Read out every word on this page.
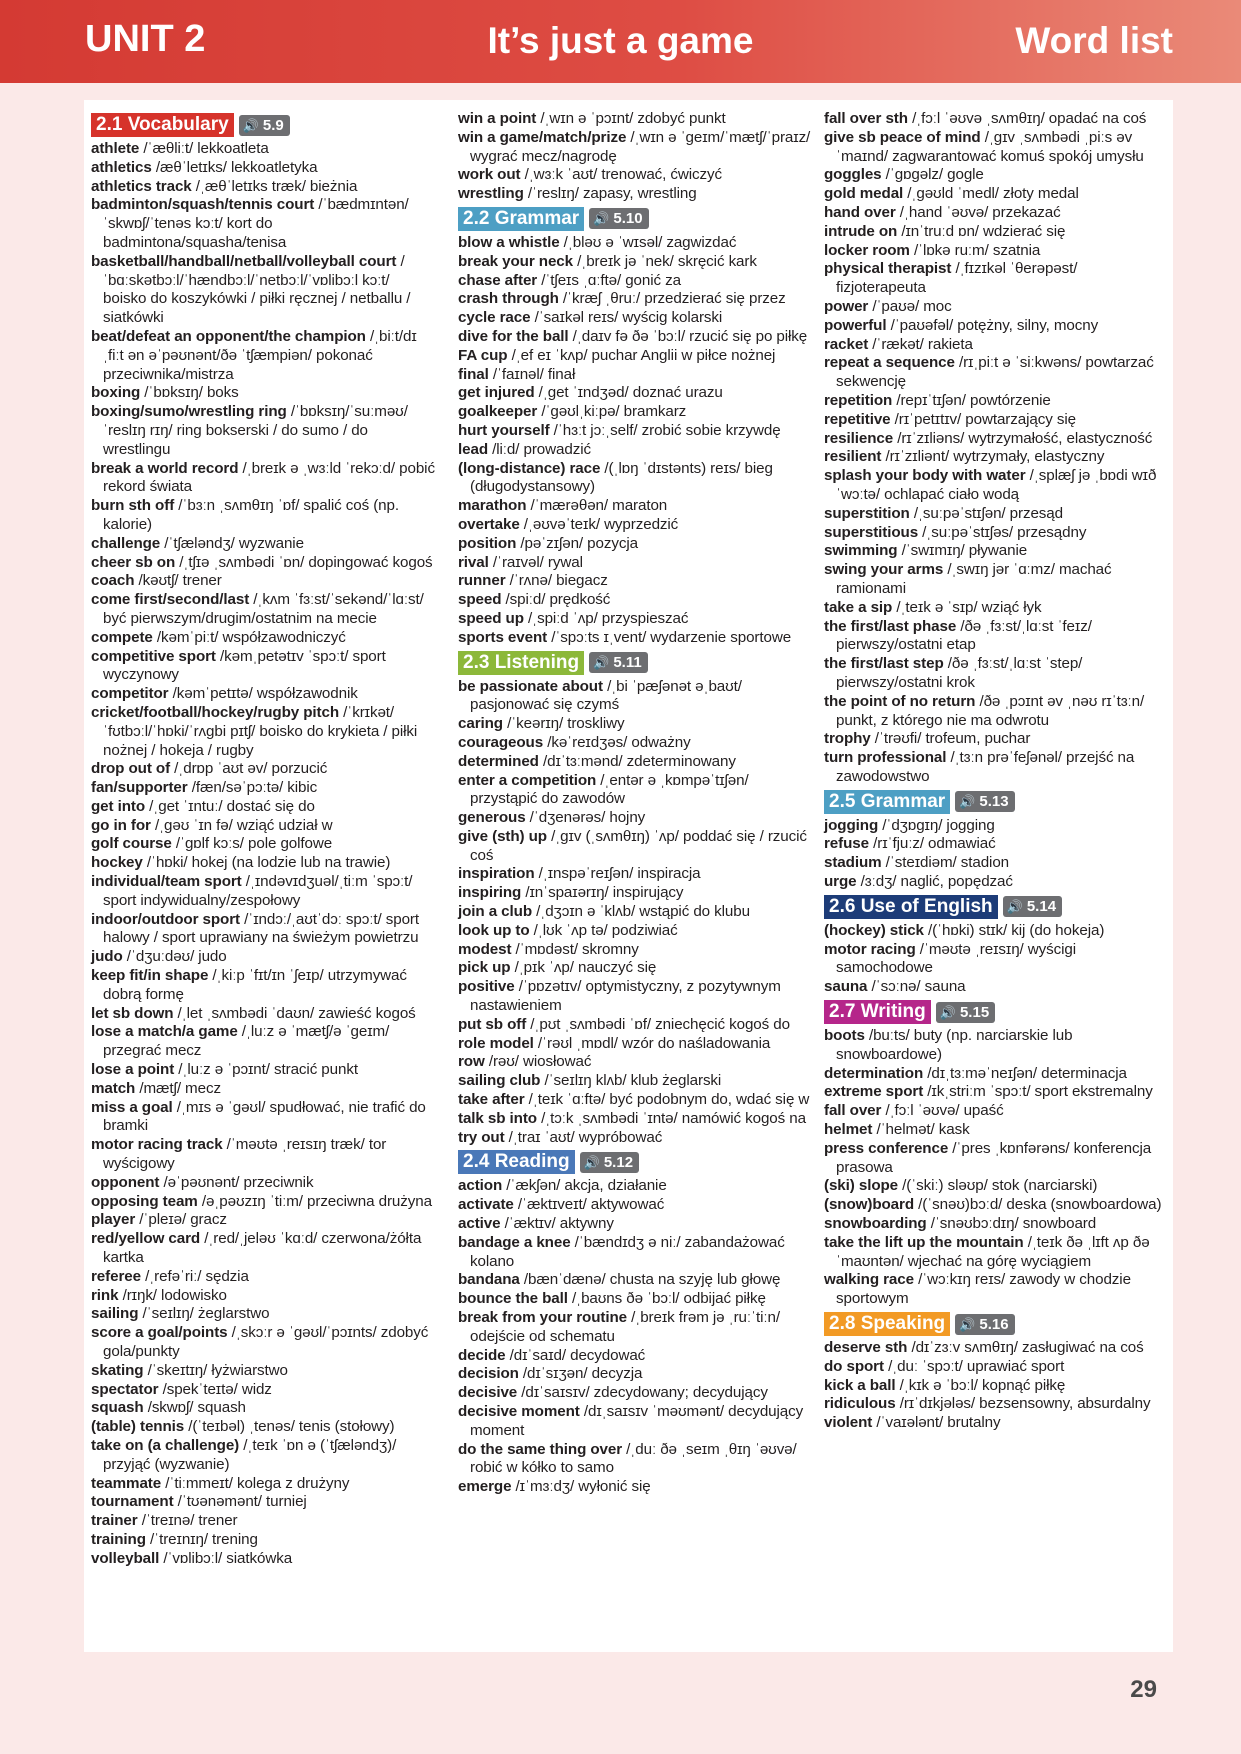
UNIT 2	It’s just a game	Word list
2.1 Vocabulary	🔊 5.9
athlete /ˈæθliːt/ lekkoatleta
athletics /æθˈletɪks/ lekkoatletyka
athletics track /ˌæθˈletɪks træk/ bieżnia
badminton/squash/tennis court /ˈbædmɪntən/ˈskwɒʃ/ˈtenəs kɔːt/ kort do badmintona/squasha/tenisa
basketball/handball/netball/volleyball court /ˈbɑːskətbɔːl/ˈhændbɔːl/ˈnetbɔːl/ˈvɒlibɔːl kɔːt/ boisko do koszykówki / piłki ręcznej / netballu / siatkówki
beat/defeat an opponent/the champion /ˌbiːt/dɪˌfiːt ən əˈpəʊnənt/ðə ˈtʃæmpiən/ pokonać przeciwnika/mistrza
boxing /ˈbɒksɪŋ/ boks
boxing/sumo/wrestling ring /ˈbɒksɪŋ/ˈsuːməʊ/ˈreslɪŋ rɪŋ/ ring bokserski / do sumo / do wrestlingu
break a world record /ˌbreɪk ə ˌwɜːld ˈrekɔːd/ pobić rekord świata
burn sth off /ˈbɜːn ˌsʌmθɪŋ ˈɒf/ spalić coś (np. kalorie)
challenge /ˈtʃæləndʒ/ wyzwanie
cheer sb on /ˌtʃɪə ˌsʌmbədi ˈɒn/ dopingować kogoś
coach /kəʊtʃ/ trener
come first/second/last /ˌkʌm ˈfɜːst/ˈsekənd/ˈlɑːst/ być pierwszym/drugim/ostatnim na mecie
compete /kəmˈpiːt/ współzawodniczyć
competitive sport /kəmˌpetətɪv ˈspɔːt/ sport wyczynowy
competitor /kəmˈpetɪtə/ współzawodnik
cricket/football/hockey/rugby pitch /ˈkrɪkət/ˈfʊtbɔːl/ˈhɒki/ˈrʌgbi pɪtʃ/ boisko do krykieta / piłki nożnej / hokeja / rugby
drop out of /ˌdrɒp ˈaʊt əv/ porzucić
fan/supporter /fæn/səˈpɔːtə/ kibic
get into /ˌget ˈɪntuː/ dostać się do
go in for /ˌgəʊ ˈɪn fə/ wziąć udział w
golf course /ˈgɒlf kɔːs/ pole golfowe
hockey /ˈhɒki/ hokej (na lodzie lub na trawie)
individual/team sport /ˌɪndəvɪdʒuəl/ˌtiːm ˈspɔːt/ sport indywidualny/zespołowy
indoor/outdoor sport /ˈɪndɔː/ˌaʊtˈdɔː spɔːt/ sport halowy / sport uprawiany na świeżym powietrzu
judo /ˈdʒuːdəʊ/ judo
keep fit/in shape /ˌkiːp ˈfɪt/ɪn ˈʃeɪp/ utrzymywać dobrą formę
let sb down /ˌlet ˌsʌmbədi ˈdaʊn/ zawieść kogoś
lose a match/a game /ˌluːz ə ˈmætʃ/ə ˈgeɪm/ przegrać mecz
lose a point /ˌluːz ə ˈpɔɪnt/ stracić punkt
match /mætʃ/ mecz
miss a goal /ˌmɪs ə ˈgəʊl/ spudłować, nie trafić do bramki
motor racing track /ˈməʊtə ˌreɪsɪŋ træk/ tor wyścigowy
opponent /əˈpəʊnənt/ przeciwnik
opposing team /əˌpəʊzɪŋ ˈtiːm/ przeciwna drużyna
player /ˈpleɪə/ gracz
red/yellow card /ˌred/ˌjeləʊ ˈkɑːd/ czerwona/żółta kartka
referee /ˌrefəˈriː/ sędzia
rink /rɪŋk/ lodowisko
sailing /ˈseɪlɪŋ/ żeglarstwo
score a goal/points /ˌskɔːr ə ˈgəʊl/ˈpɔɪnts/ zdobyć gola/punkty
skating /ˈskeɪtɪŋ/ łyżwiarstwo
spectator /spekˈteɪtə/ widz
squash /skwɒʃ/ squash
(table) tennis /(ˈteɪbəl) ˌtenəs/ tenis (stołowy)
take on (a challenge) /ˌteɪk ˈɒn ə (ˈtʃæləndʒ)/ przyjąć (wyzwanie)
teammate /ˈtiːmmeɪt/ kolega z drużyny
tournament /ˈtʊənəmənt/ turniej
trainer /ˈtreɪnə/ trener
training /ˈtreɪnɪŋ/ trening
volleyball /ˈvɒlibɔːl/ siatkówka
win a point /ˌwɪn ə ˈpɔɪnt/ zdobyć punkt
win a game/match/prize /ˌwɪn ə ˈgeɪm/ˈmætʃ/ˈpraɪz/ wygrać mecz/nagrodę
work out /ˌwɜːk ˈaʊt/ trenować, ćwiczyć
wrestling /ˈreslɪŋ/ zapasy, wrestling
2.2 Grammar	🔊 5.10
blow a whistle /ˌbləʊ ə ˈwɪsəl/ zagwizdać
break your neck /ˌbreɪk jə ˈnek/ skręcić kark
chase after /ˈtʃeɪs ˌɑːftə/ gonić za
crash through /ˈkræʃ ˌθruː/ przedzierać się przez
cycle race /ˈsaɪkəl reɪs/ wyścig kolarski
dive for the ball /ˌdaɪv fə ðə ˈbɔːl/ rzucić się po piłkę
FA cup /ˌef eɪ ˈkʌp/ puchar Anglii w piłce nożnej
final /ˈfaɪnəl/ finał
get injured /ˌget ˈɪndʒəd/ doznać urazu
goalkeeper /ˈgəʊlˌkiːpə/ bramkarz
hurt yourself /ˈhɜːt jɔːˌself/ zrobić sobie krzywdę
lead /liːd/ prowadzić
(long-distance) race /(ˌlɒŋ ˈdɪstənts) reɪs/ bieg (długodystansowy)
marathon /ˈmærəθən/ maraton
overtake /ˌəʊvəˈteɪk/ wyprzedzić
position /pəˈzɪʃən/ pozycja
rival /ˈraɪvəl/ rywal
runner /ˈrʌnə/ biegacz
speed /spiːd/ prędkość
speed up /ˌspiːd ˈʌp/ przyspieszać
sports event /ˈspɔːts ɪˌvent/ wydarzenie sportowe
2.3 Listening	🔊 5.11
be passionate about /ˌbi ˈpæʃənət əˌbaʊt/ pasjonować się czymś
caring /ˈkeərɪŋ/ troskliwy
courageous /kəˈreɪdʒəs/ odważny
determined /dɪˈtɜːmənd/ zdeterminowany
enter a competition /ˌentər ə ˌkɒmpəˈtɪʃən/ przystąpić do zawodów
generous /ˈdʒenərəs/ hojny
give (sth) up /ˌgɪv (ˌsʌmθɪŋ) ˈʌp/ poddać się / rzucić coś
inspiration /ˌɪnspəˈreɪʃən/ inspiracja
inspiring /ɪnˈspaɪərɪŋ/ inspirujący
join a club /ˌdʒɔɪn ə ˈklʌb/ wstąpić do klubu
look up to /ˌlʊk ˈʌp tə/ podziwiać
modest /ˈmɒdəst/ skromny
pick up /ˌpɪk ˈʌp/ nauczyć się
positive /ˈpɒzətɪv/ optymistyczny, z pozytywnym nastawieniem
put sb off /ˌpʊt ˌsʌmbədi ˈɒf/ zniechęcić kogoś do
role model /ˈrəʊl ˌmɒdl/ wzór do naśladowania
row /rəʊ/ wiosłować
sailing club /ˈseɪlɪŋ klʌb/ klub żeglarski
take after /ˌteɪk ˈɑːftə/ być podobnym do, wdać się w
talk sb into /ˌtɔːk ˌsʌmbədi ˈɪntə/ namówić kogoś na
try out /ˌtraɪ ˈaʊt/ wypróbować
2.4 Reading	🔊 5.12
action /ˈækʃən/ akcja, działanie
activate /ˈæktɪveɪt/ aktywować
active /ˈæktɪv/ aktywny
bandage a knee /ˈbændɪdʒ ə niː/ zabandażować kolano
bandana /bænˈdænə/ chusta na szyję lub głowę
bounce the ball /ˌbaʊns ðə ˈbɔːl/ odbijać piłkę
break from your routine /ˌbreɪk frəm jə ˌruːˈtiːn/ odejście od schematu
decide /dɪˈsaɪd/ decydować
decision /dɪˈsɪʒən/ decyzja
decisive /dɪˈsaɪsɪv/ zdecydowany; decydujący
decisive moment /dɪˌsaɪsɪv ˈməʊmənt/ decydujący moment
do the same thing over /ˌduː ðə ˌseɪm ˌθɪŋ ˈəʊvə/ robić w kółko to samo
emerge /ɪˈmɜːdʒ/ wyłonić się
fall over sth /ˌfɔːl ˈəʊvə ˌsʌmθɪŋ/ opadać na coś
give sb peace of mind /ˌgɪv ˌsʌmbədi ˌpiːs əv ˈmaɪnd/ zagwarantować komuś spokój umysłu
goggles /ˈgɒgəlz/ gogle
gold medal /ˌgəʊld ˈmedl/ złoty medal
hand over /ˌhand ˈəʊvə/ przekazać
intrude on /ɪnˈtruːd ɒn/ wdzierać się
locker room /ˈlɒkə ruːm/ szatnia
physical therapist /ˌfɪzɪkəl ˈθerəpəst/ fizjoterapeuta
power /ˈpaʊə/ moc
powerful /ˈpaʊəfəl/ potężny, silny, mocny
racket /ˈrækət/ rakieta
repeat a sequence /rɪˌpiːt ə ˈsiːkwəns/ powtarzać sekwencję
repetition /repɪˈtɪʃən/ powtórzenie
repetitive /rɪˈpetɪtɪv/ powtarzający się
resilience /rɪˈzɪliəns/ wytrzymałość, elastyczność
resilient /rɪˈzɪliənt/ wytrzymały, elastyczny
splash your body with water /ˌsplæʃ jə ˌbɒdi wɪð ˈwɔːtə/ ochlapać ciało wodą
superstition /ˌsuːpəˈstɪʃən/ przesąd
superstitious /ˌsuːpəˈstɪʃəs/ przesądny
swimming /ˈswɪmɪŋ/ pływanie
swing your arms /ˌswɪŋ jər ˈɑːmz/ machać ramionami
take a sip /ˌteɪk ə ˈsɪp/ wziąć łyk
the first/last phase /ðə ˌfɜːst/ˌlɑːst ˈfeɪz/ pierwszy/ostatni etap
the first/last step /ðə ˌfɜːst/ˌlɑːst ˈstep/ pierwszy/ostatni krok
the point of no return /ðə ˌpɔɪnt əv ˌnəʊ rɪˈtɜːn/ punkt, z którego nie ma odwrotu
trophy /ˈtrəʊfi/ trofeum, puchar
turn professional /ˌtɜːn prəˈfeʃənəl/ przejść na zawodowstwo
2.5 Grammar	🔊 5.13
jogging /ˈdʒɒgɪŋ/ jogging
refuse /rɪˈfjuːz/ odmawiać
stadium /ˈsteɪdiəm/ stadion
urge /ɜːdʒ/ naglić, popędzać
2.6 Use of English	🔊 5.14
(hockey) stick /(ˈhɒki) stɪk/ kij (do hokeja)
motor racing /ˈməʊtə ˌreɪsɪŋ/ wyścigi samochodowe
sauna /ˈsɔːnə/ sauna
2.7 Writing	🔊 5.15
boots /buːts/ buty (np. narciarskie lub snowboardowe)
determination /dɪˌtɜːməˈneɪʃən/ determinacja
extreme sport /ɪkˌstriːm ˈspɔːt/ sport ekstremalny
fall over /ˌfɔːl ˈəʊvə/ upaść
helmet /ˈhelmət/ kask
press conference /ˈpres ˌkɒnfərəns/ konferencja prasowa
(ski) slope /(ˈskiː) sləʊp/ stok (narciarski)
(snow)board /(ˈsnəʊ)bɔːd/ deska (snowboardowa)
snowboarding /ˈsnəʊbɔːdɪŋ/ snowboard
take the lift up the mountain /ˌteɪk ðə ˌlɪft ʌp ðə ˈmaʊntən/ wjechać na górę wyciągiem
walking race /ˈwɔːkɪŋ reɪs/ zawody w chodzie sportowym
2.8 Speaking	🔊 5.16
deserve sth /dɪˈzɜːv sʌmθɪŋ/ zasługiwać na coś
do sport /ˌduː ˈspɔːt/ uprawiać sport
kick a ball /ˌkɪk ə ˈbɔːl/ kopnąć piłkę
ridiculous /rɪˈdɪkjələs/ bezsensowny, absurdalny
violent /ˈvaɪələnt/ brutalny
29
